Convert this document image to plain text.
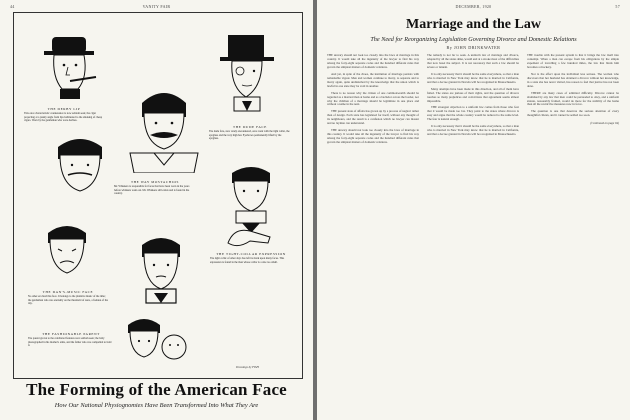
44	VANITY FAIR
THE DERBY LIP
This once characteristic countenance is now seldom seen; the cigar projecting at a jaunty angle from lips habituated to the smoking of cheap cigars. Worn by the gentleman who wore derbies.
THE DUDE FACE
The dude face, now rarely encountered, once went with the tight collar, the eyeglass and the very high hat. Eyebrows permanently lifted by the eyeglass.
THE WAY MOSTACHIOS
Mr. Whiskers is responsible for faces that have been worn in the years before whiskers went out. Mr. Whiskers still exists and is found in the country.
THE DAN'S-MUSIC FACE
No other era bred this face. It belongs to the plaintive music of the time; the gentleman who was eternally on the threshold of tears, a fashion of the day.
THE TIGHT-COLLAR EXPRESSION
The tight collar of other days has left its mark upon many faces. This expression is found in the man whose collar is a size too small.
THE FASHIONABLE PARENT
The parent grown to the celebrated features now seldom seen; the baby photographed in his mother's arms, and the father who was compelled to hold it.
Drawings by FISH
The Forming of the American Face
How Our National Physiognomies Have Been Transformed Into What They Are
DECEMBER, 1920	57
Marriage and the Law
The Need for Reorganizing Legislation Governing Divorce and Domestic Relations
By JOHN DRINKWATER

THE unwary should not look too closely into the laws of marriage in this country. It would take all the ingenuity of the lawyer to find his way among the forty-eight separate codes and the hundred different rules that govern the simplest matters of domestic relations.

And yet, in spite of the chaos, the institution of marriage persists with remarkable vigour. Men and women continue to marry, to separate and to marry again, quite undisturbed by the knowledge that the union which is lawful in one state may be void in another.

There is no reason why the citizen of one commonwealth should be regarded as a married man at home and as a bachelor across the border, nor why the children of a marriage should be legitimate in one place and without a name in the next.

THE present state of affairs has grown up by a process of neglect rather than of design. Each state has legislated for itself, without any thought of its neighbours, and the result is a confusion which no lawyer can master and no layman can understand.

THE unwary should not look too closely into the laws of marriage in this country. It would take all the ingenuity of the lawyer to find his way among the forty-eight separate codes and the hundred different rules that govern the simplest matters of domestic relations.

The remedy is not far to seek. A uniform law of marriage and divorce, adopted by all the states alike, would end at a stroke most of the difficulties that now beset the subject. It is not necessary that such a law should be severe or lenient.

It is only necessary that it should be the same everywhere, so that a man who is married in New York may know that he is married in California, and that a decree granted in Nevada will be recognized in Massachusetts.

Many attempts have been made in this direction, and all of them have failed. The states are jealous of their rights, and the question of divorce touches so many prejudices and convictions that agreement seems almost impossible.

THE strongest objection to a uniform law comes from those who fear that it would be made too lax. They point to the states where divorce is easy and argue that the whole country would be reduced to the same level. The fear is natural enough.

It is only necessary that it should be the same everywhere, so that a man who is married in New York may know that he is married in California, and that a decree granted in Nevada will be recognized in Massachusetts.

THE trouble with the present system is that it brings the law itself into contempt. When a man can escape from his obligations by the simple expedient of travelling a few hundred miles, the law that binds him becomes a mockery.

Nor is the effect upon the individual less serious. The woman who discovers that her husband has obtained a divorce without her knowledge, in a state she has never visited, has reason to feel that justice has not been done.

THERE are many cases of admitted difficulty. Divorce cannot be abolished by any law that men could be persuaded to obey, and a uniform statute, reasonably framed, would do more for the stability of the home than all the restrictive measures now in force.

The question is one that deserves the serious attention of every thoughtful citizen, and it cannot be settled too soon.

(Continued on page 94)
